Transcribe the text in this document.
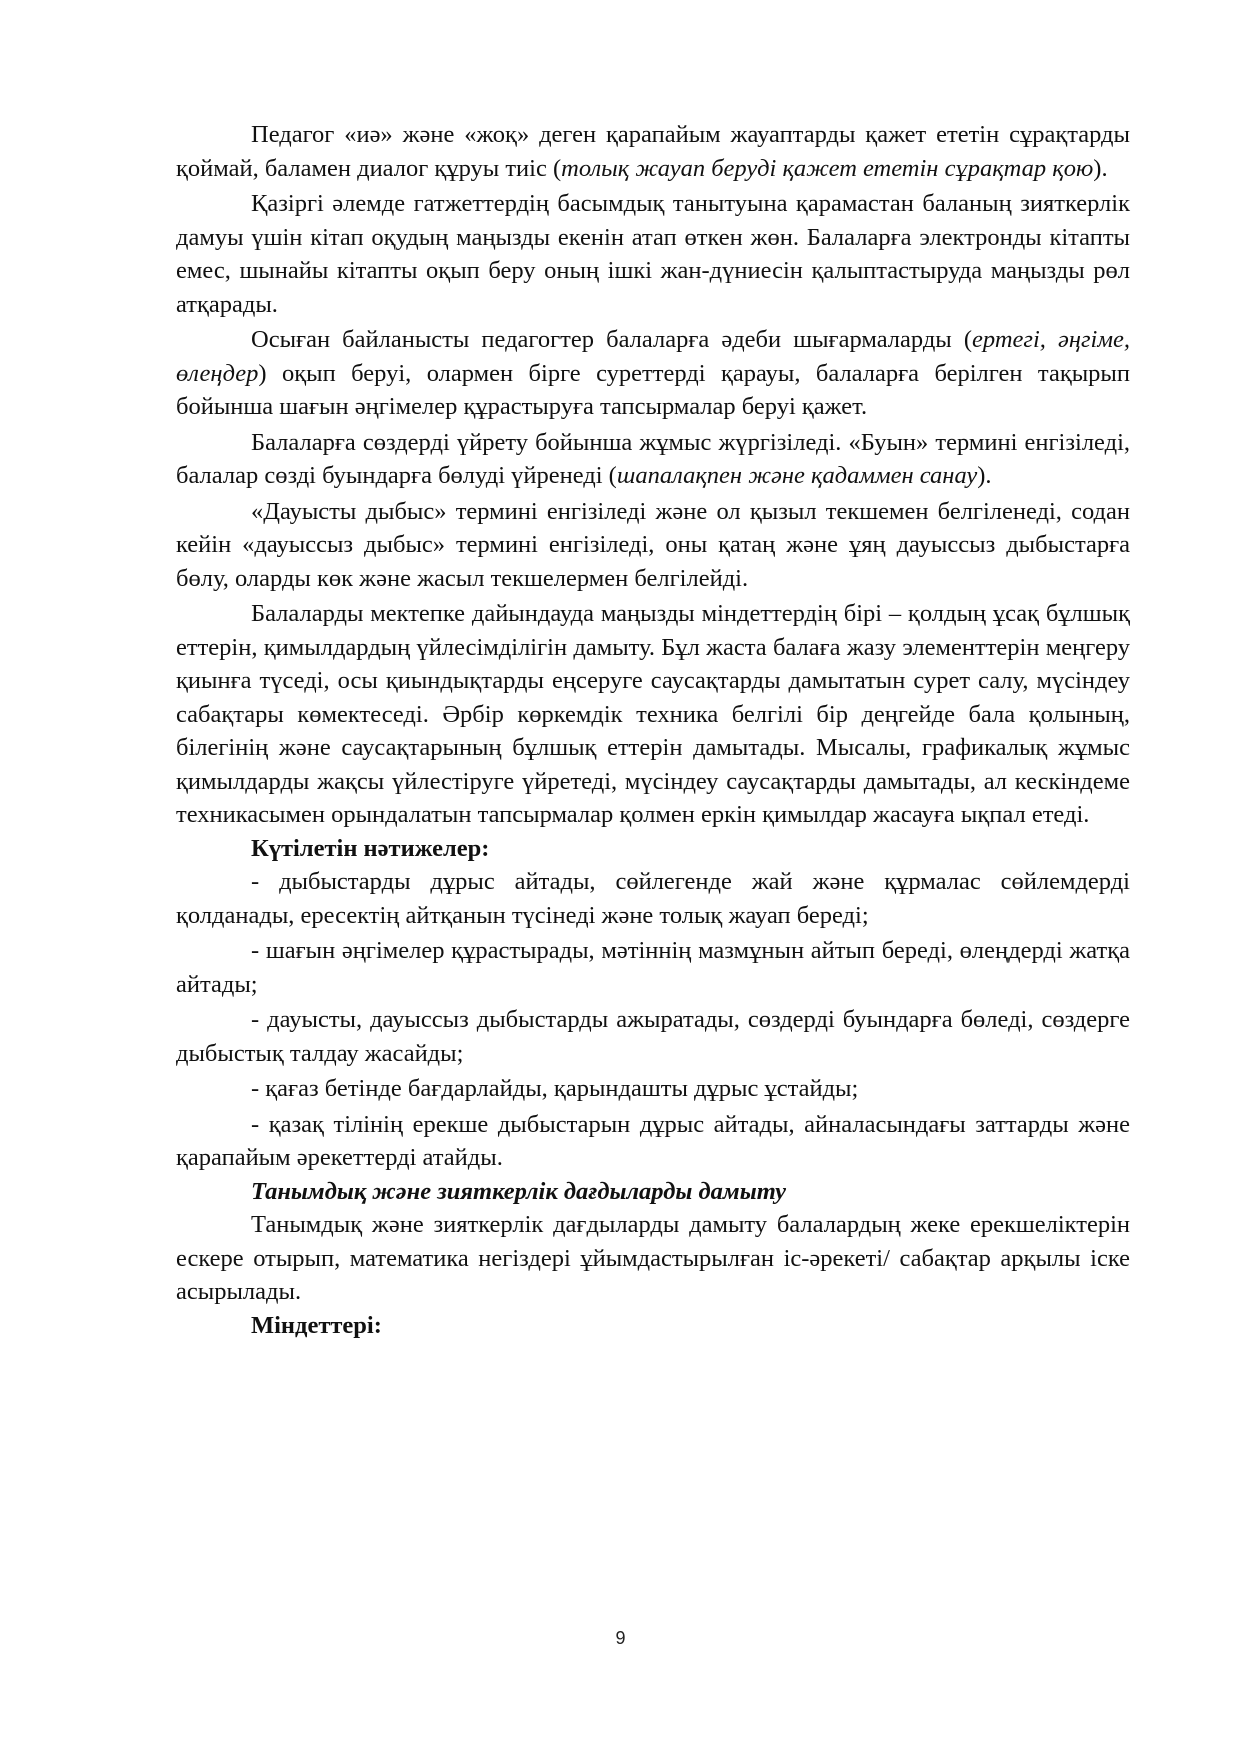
Педагог «иә» және «жоқ» деген қарапайым жауаптарды қажет ететін сұрақтарды қоймай, баламен диалог құруы тиіс (толық жауап беруді қажет ететін сұрақтар қою).

Қазіргі әлемде гатжеттердің басымдық танытуына қарамастан баланың зияткерлік дамуы үшін кітап оқудың маңызды екенін атап өткен жөн. Балаларға электронды кітапты емес, шынайы кітапты оқып беру оның ішкі жан-дүниесін қалыптастыруда маңызды рөл атқарады.

Осыған байланысты педагогтер балаларға әдеби шығармаларды (ертегі, әңгіме, өлеңдер) оқып беруі, олармен бірге суреттерді қарауы, балаларға берілген тақырып бойынша шағын әңгімелер құрастыруға тапсырмалар беруі қажет.

Балаларға сөздерді үйрету бойынша жұмыс жүргізіледі. «Буын» термині енгізіледі, балалар сөзді буындарға бөлуді үйренеді (шапалақпен және қадаммен санау).

«Дауысты дыбыс» термині енгізіледі және ол қызыл текшемен белгіленеді, содан кейін «дауыссыз дыбыс» термині енгізіледі, оны қатаң және ұяң дауыссыз дыбыстарға бөлу, оларды көк және жасыл текшелермен белгілейді.

Балаларды мектепке дайындауда маңызды міндеттердің бірі – қолдың ұсақ бұлшық еттерін, қимылдардың үйлесімділігін дамыту. Бұл жаста балаға жазу элементтерін меңгеру қиынға түседі, осы қиындықтарды еңсеруге саусақтарды дамытатын сурет салу, мүсіндеу сабақтары көмектеседі. Әрбір көркемдік техника белгілі бір деңгейде бала қолының, білегінің және саусақтарының бұлшық еттерін дамытады. Мысалы, графикалық жұмыс қимылдарды жақсы үйлестіруге үйретеді, мүсіндеу саусақтарды дамытады, ал кескіндеме техникасымен орындалатын тапсырмалар қолмен еркін қимылдар жасауға ықпал етеді.

Күтілетін нәтижелер:

- дыбыстарды дұрыс айтады, сөйлегенде жай және құрмалас сөйлемдерді қолданады, ересектің айтқанын түсінеді және толық жауап береді;

- шағын әңгімелер құрастырады, мәтіннің мазмұнын айтып береді, өлеңдерді жатқа айтады;

- дауысты, дауыссыз дыбыстарды ажыратады, сөздерді буындарға бөледі, сөздерге дыбыстық талдау жасайды;

- қағаз бетінде бағдарлайды, қарындашты дұрыс ұстайды;

- қазақ тілінің ерекше дыбыстарын дұрыс айтады, айналасындағы заттарды және қарапайым әрекеттерді атайды.

Танымдық және зияткерлік дағдыларды дамыту

Танымдық және зияткерлік дағдыларды дамыту балалардың жеке ерекшеліктерін ескере отырып, математика негіздері ұйымдастырылған іс-әрекеті/ сабақтар арқылы іске асырылады.

Міндеттері:

9
